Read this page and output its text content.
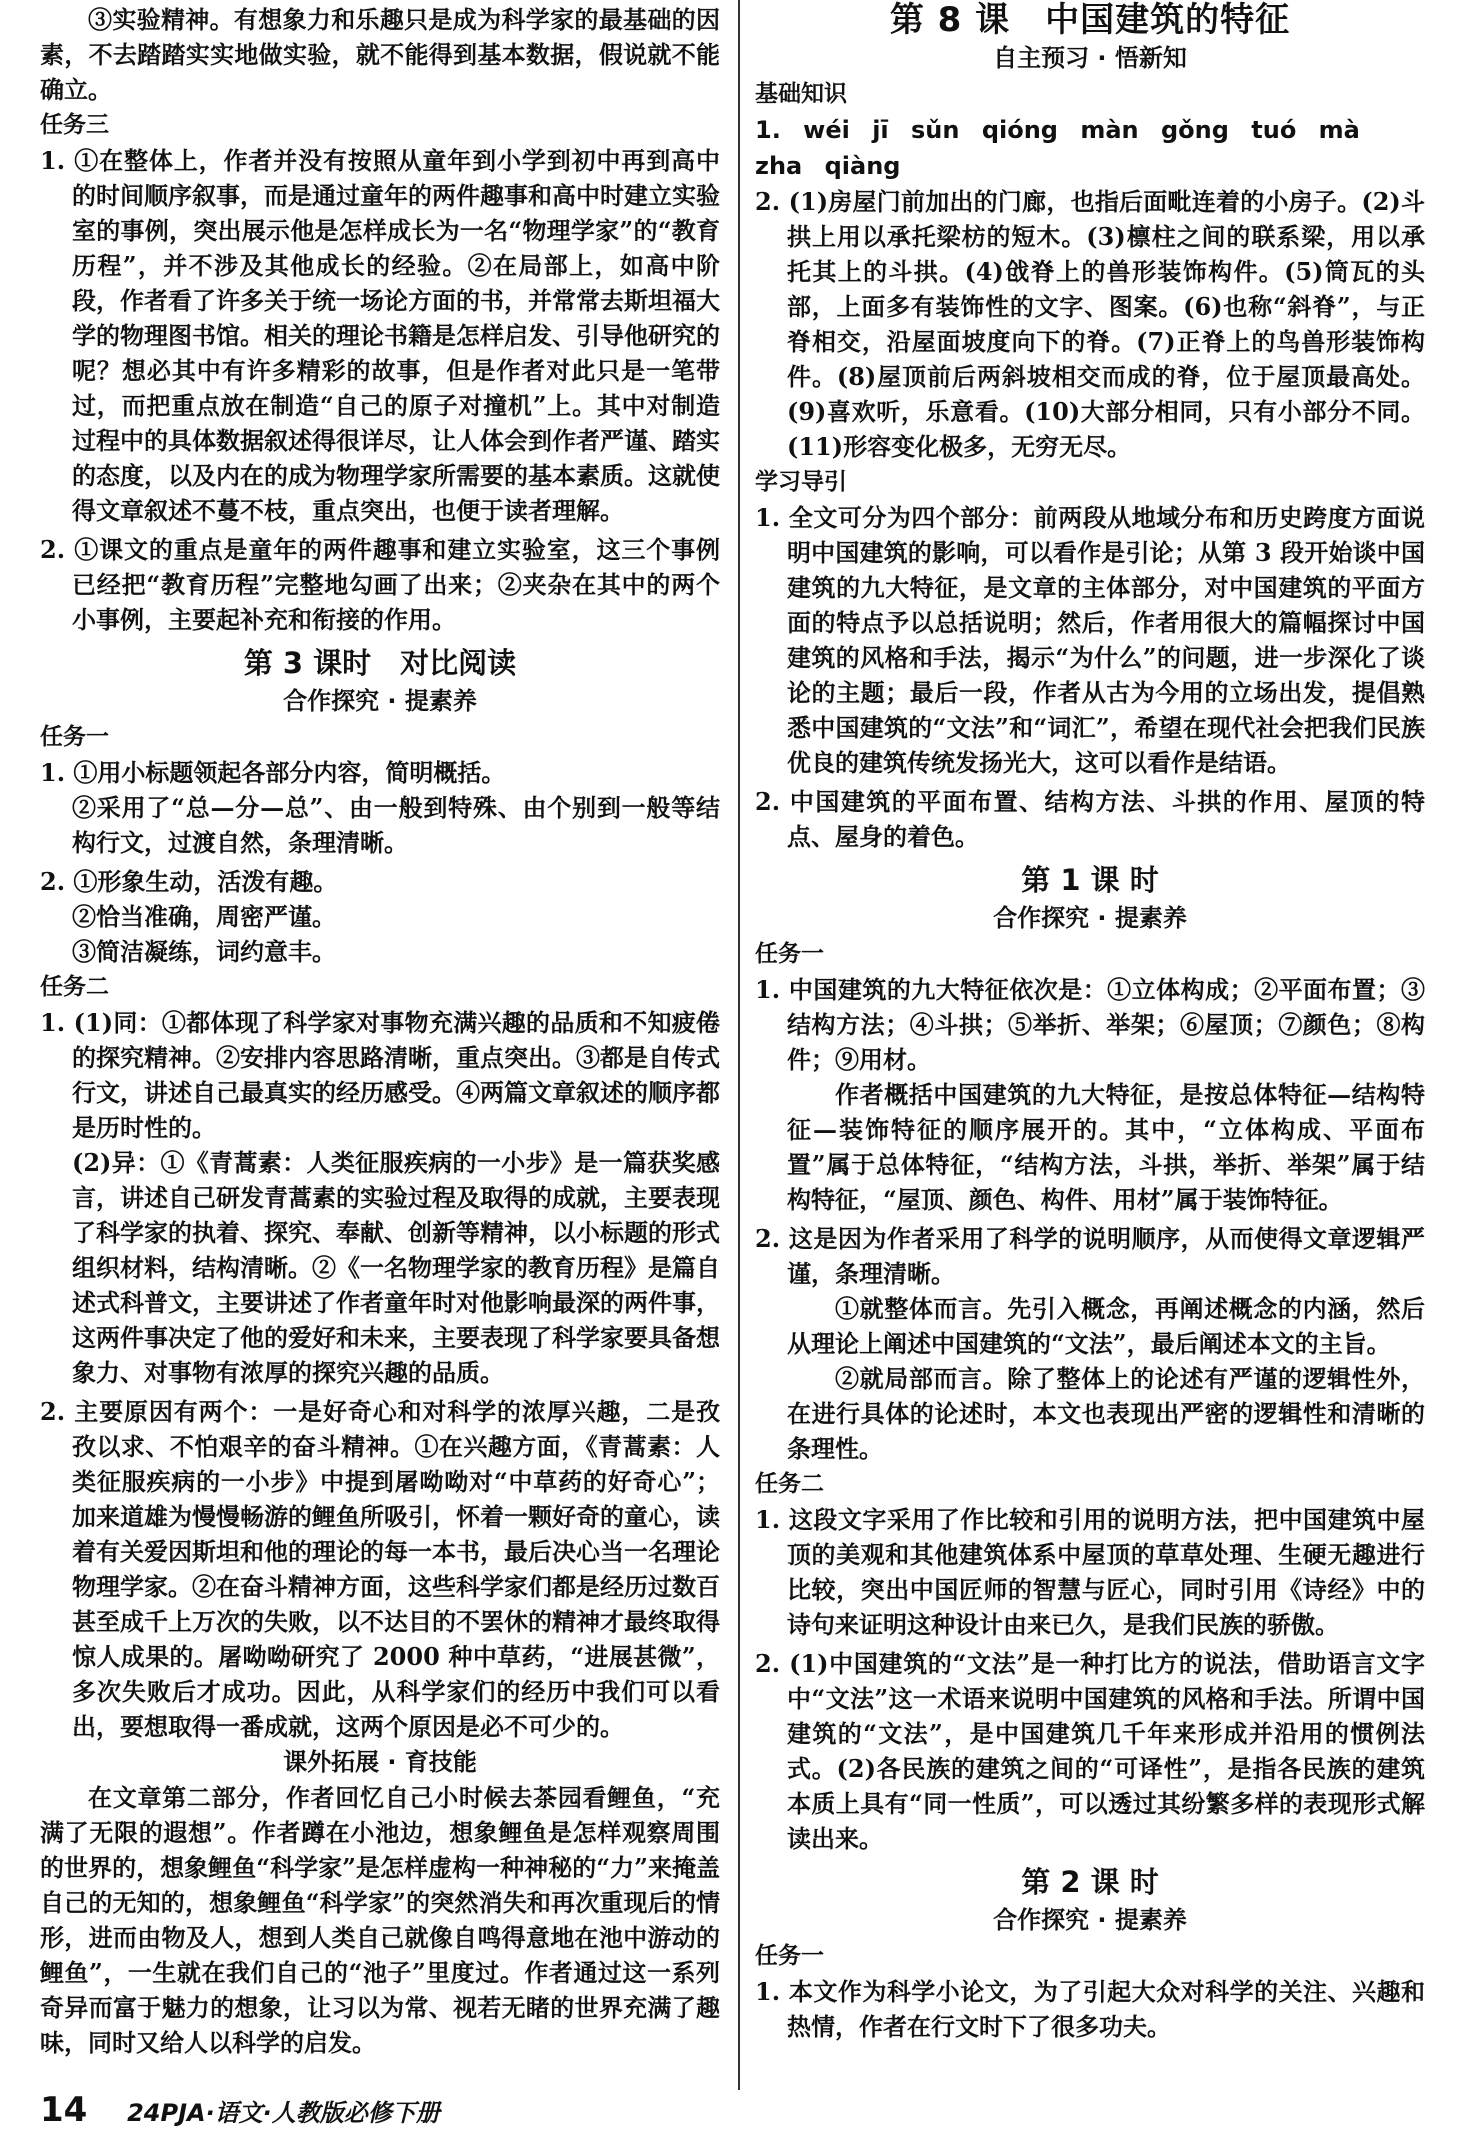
③实验精神。有想象力和乐趣只是成为科学家的最基础的因素，不去踏踏实实地做实验，就不能得到基本数据，假说就不能确立。

任务三

1. ①在整体上，作者并没有按照从童年到小学到初中再到高中的时间顺序叙事，而是通过童年的两件趣事和高中时建立实验室的事例，突出展示他是怎样成长为一名“物理学家”的“教育历程”，并不涉及其他成长的经验。②在局部上，如高中阶段，作者看了许多关于统一场论方面的书，并常常去斯坦福大学的物理图书馆。相关的理论书籍是怎样启发、引导他研究的呢？想必其中有许多精彩的故事，但是作者对此只是一笔带过，而把重点放在制造“自己的原子对撞机”上。其中对制造过程中的具体数据叙述得很详尽，让人体会到作者严谨、踏实的态度，以及内在的成为物理学家所需要的基本素质。这就使得文章叙述不蔓不枝，重点突出，也便于读者理解。

2. ①课文的重点是童年的两件趣事和建立实验室，这三个事例已经把“教育历程”完整地勾画了出来；②夹杂在其中的两个小事例，主要起补充和衔接的作用。

第 3 课时　对比阅读

合作探究 · 提素养

任务一

1. ①用小标题领起各部分内容，简明概括。

②采用了“总—分—总”、由一般到特殊、由个别到一般等结构行文，过渡自然，条理清晰。

2. ①形象生动，活泼有趣。

②恰当准确，周密严谨。

③简洁凝练，词约意丰。

任务二

1. (1)同：①都体现了科学家对事物充满兴趣的品质和不知疲倦的探究精神。②安排内容思路清晰，重点突出。③都是自传式行文，讲述自己最真实的经历感受。④两篇文章叙述的顺序都是历时性的。

(2)异：①《青蒿素：人类征服疾病的一小步》是一篇获奖感言，讲述自己研发青蒿素的实验过程及取得的成就，主要表现了科学家的执着、探究、奉献、创新等精神，以小标题的形式组织材料，结构清晰。②《一名物理学家的教育历程》是篇自述式科普文，主要讲述了作者童年时对他影响最深的两件事，这两件事决定了他的爱好和未来，主要表现了科学家要具备想象力、对事物有浓厚的探究兴趣的品质。

2. 主要原因有两个：一是好奇心和对科学的浓厚兴趣，二是孜孜以求、不怕艰辛的奋斗精神。①在兴趣方面，《青蒿素：人类征服疾病的一小步》中提到屠呦呦对“中草药的好奇心”；加来道雄为慢慢畅游的鲤鱼所吸引，怀着一颗好奇的童心，读着有关爱因斯坦和他的理论的每一本书，最后决心当一名理论物理学家。②在奋斗精神方面，这些科学家们都是经历过数百甚至成千上万次的失败，以不达目的不罢休的精神才最终取得惊人成果的。屠呦呦研究了 2000 种中草药，“进展甚微”，多次失败后才成功。因此，从科学家们的经历中我们可以看出，要想取得一番成就，这两个原因是必不可少的。

课外拓展 · 育技能

在文章第二部分，作者回忆自己小时候去茶园看鲤鱼，“充满了无限的遐想”。作者蹲在小池边，想象鲤鱼是怎样观察周围的世界的，想象鲤鱼“科学家”是怎样虚构一种神秘的“力”来掩盖自己的无知的，想象鲤鱼“科学家”的突然消失和再次重现后的情形，进而由物及人，想到人类自己就像自鸣得意地在池中游动的鲤鱼”，一生就在我们自己的“池子”里度过。作者通过这一系列奇异而富于魅力的想象，让习以为常、视若无睹的世界充满了趣味，同时又给人以科学的启发。

第 8 课　中国建筑的特征

自主预习 · 悟新知

基础知识

1. wéi jī sǔn qióng màn gǒng tuó mà zha qiàng

2. (1)房屋门前加出的门廊，也指后面毗连着的小房子。(2)斗拱上用以承托梁枋的短木。(3)檩柱之间的联系梁，用以承托其上的斗拱。(4)戗脊上的兽形装饰构件。(5)筒瓦的头部，上面多有装饰性的文字、图案。(6)也称“斜脊”，与正脊相交，沿屋面坡度向下的脊。(7)正脊上的鸟兽形装饰构件。(8)屋顶前后两斜坡相交而成的脊，位于屋顶最高处。(9)喜欢听，乐意看。(10)大部分相同，只有小部分不同。(11)形容变化极多，无穷无尽。

学习导引

1. 全文可分为四个部分：前两段从地域分布和历史跨度方面说明中国建筑的影响，可以看作是引论；从第 3 段开始谈中国建筑的九大特征，是文章的主体部分，对中国建筑的平面方面的特点予以总括说明；然后，作者用很大的篇幅探讨中国建筑的风格和手法，揭示“为什么”的问题，进一步深化了谈论的主题；最后一段，作者从古为今用的立场出发，提倡熟悉中国建筑的“文法”和“词汇”，希望在现代社会把我们民族优良的建筑传统发扬光大，这可以看作是结语。

2. 中国建筑的平面布置、结构方法、斗拱的作用、屋顶的特点、屋身的着色。

第 1 课 时

合作探究 · 提素养

任务一

1. 中国建筑的九大特征依次是：①立体构成；②平面布置；③结构方法；④斗拱；⑤举折、举架；⑥屋顶；⑦颜色；⑧构件；⑨用材。

作者概括中国建筑的九大特征，是按总体特征—结构特征—装饰特征的顺序展开的。其中，“立体构成、平面布置”属于总体特征，“结构方法，斗拱，举折、举架”属于结构特征，“屋顶、颜色、构件、用材”属于装饰特征。

2. 这是因为作者采用了科学的说明顺序，从而使得文章逻辑严谨，条理清晰。

①就整体而言。先引入概念，再阐述概念的内涵，然后从理论上阐述中国建筑的“文法”，最后阐述本文的主旨。

②就局部而言。除了整体上的论述有严谨的逻辑性外，在进行具体的论述时，本文也表现出严密的逻辑性和清晰的条理性。

任务二

1. 这段文字采用了作比较和引用的说明方法，把中国建筑中屋顶的美观和其他建筑体系中屋顶的草草处理、生硬无趣进行比较，突出中国匠师的智慧与匠心，同时引用《诗经》中的诗句来证明这种设计由来已久，是我们民族的骄傲。

2. (1)中国建筑的“文法”是一种打比方的说法，借助语言文字中“文法”这一术语来说明中国建筑的风格和手法。所谓中国建筑的“文法”，是中国建筑几千年来形成并沿用的惯例法式。(2)各民族的建筑之间的“可译性”，是指各民族的建筑本质上具有“同一性质”，可以透过其纷繁多样的表现形式解读出来。

第 2 课 时

合作探究 · 提素养

任务一

1. 本文作为科学小论文，为了引起大众对科学的关注、兴趣和热情，作者在行文时下了很多功夫。

14 24PJA·语文·人教版必修下册
